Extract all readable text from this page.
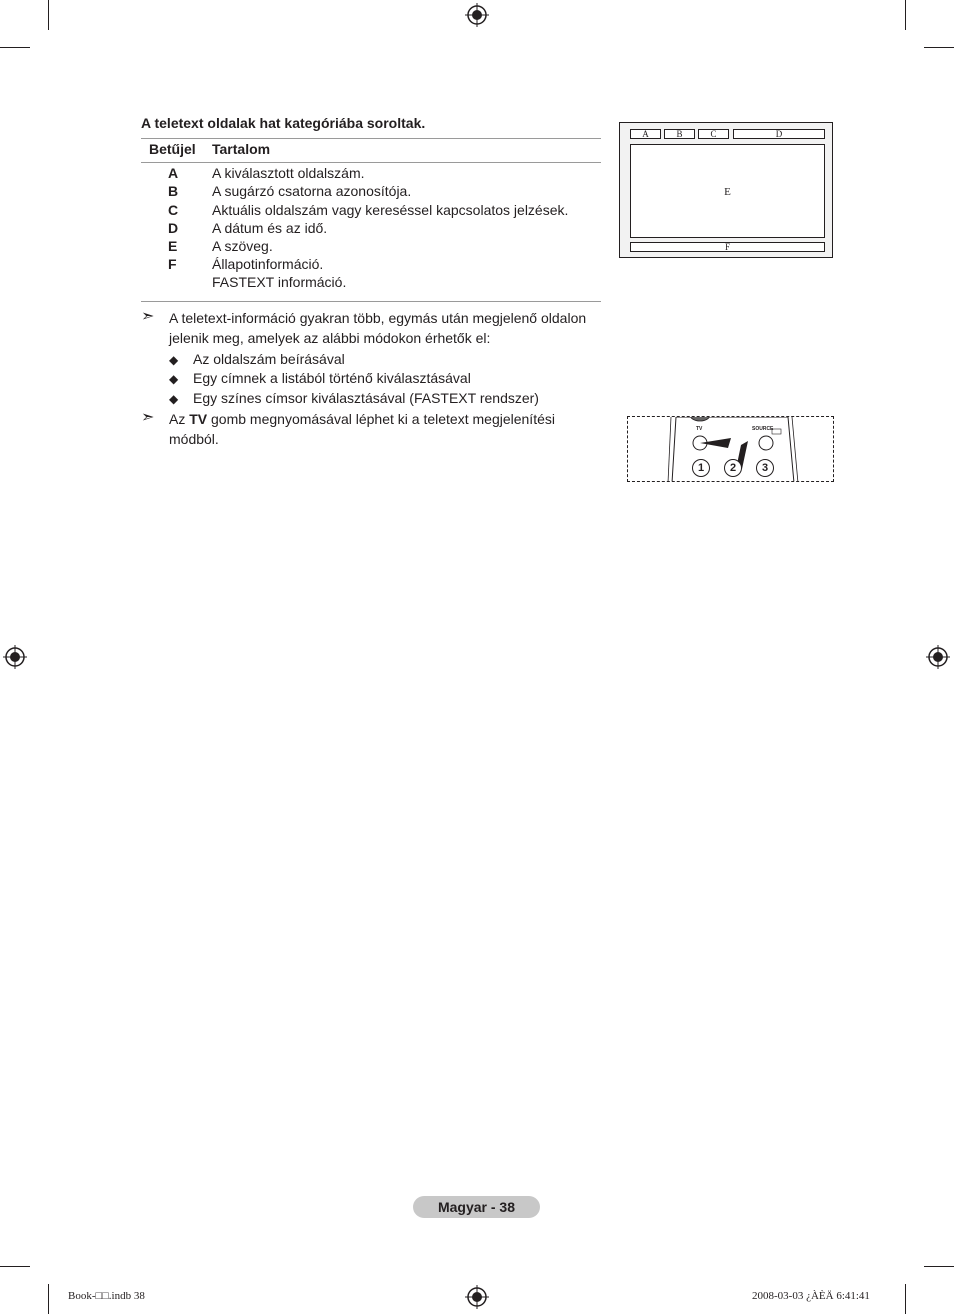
A teletext oldalak hat kategóriába soroltak.
Betűjel Tartalom
A A kiválasztott oldalszám.
B A sugárzó csatorna azonosítója.
C Aktuális oldalszám vagy kereséssel kapcsolatos jelzések.
D A dátum és az idő.
E A szöveg.
F	Állapotinformáció.
FASTEXT információ.
➣ A teletext-információ gyakran több, egymás után megjelenő oldalon jelenik meg, amelyek az alábbi módokon érhetők el:
◆ Az oldalszám beírásával
◆ Egy címnek a listából történő kiválasztásával
◆ Egy színes címsor kiválasztásával (FASTEXT rendszer)
➣ Az TV gomb megnyomásával léphet ki a teletext megjelenítési módból.
A	B	C	D
E
F
TV	SOURCE
1	2	3
Magyar - 38
Book-□□.indb 38	2008-03-03 ¿ÀÈÄ 6:41:41
